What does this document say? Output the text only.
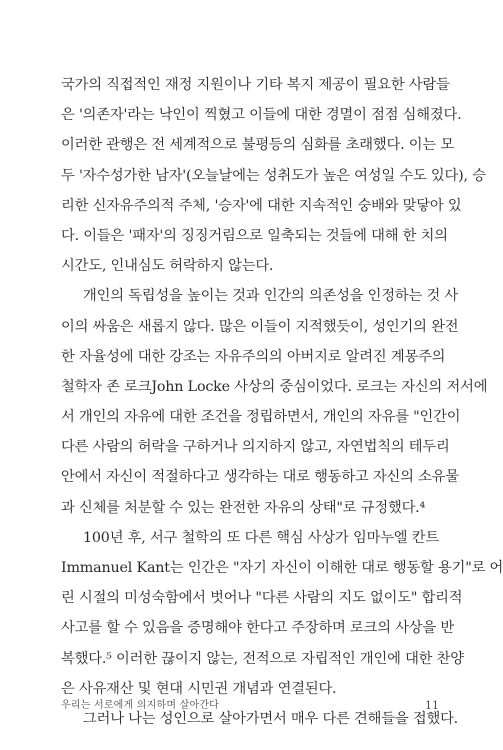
국가의 직접적인 재정 지원이나 기타 복지 제공이 필요한 사람들
은 '의존자'라는 낙인이 찍혔고 이들에 대한 경멸이 점점 심해졌다.
이러한 관행은 전 세계적으로 불평등의 심화를 초래했다. 이는 모
두 '자수성가한 남자'(오늘날에는 성취도가 높은 여성일 수도 있다), 승
리한 신자유주의적 주체, '승자'에 대한 지속적인 숭배와 맞닿아 있
다. 이들은 '패자'의 징징거림으로 일축되는 것들에 대해 한 치의
시간도, 인내심도 허락하지 않는다.
개인의 독립성을 높이는 것과 인간의 의존성을 인정하는 것 사
이의 싸움은 새롭지 않다. 많은 이들이 지적했듯이, 성인기의 완전
한 자율성에 대한 강조는 자유주의의 아버지로 알려진 계몽주의
철학자 존 로크John Locke 사상의 중심이었다. 로크는 자신의 저서에
서 개인의 자유에 대한 조건을 정립하면서, 개인의 자유를 "인간이
다른 사람의 허락을 구하거나 의지하지 않고, 자연법칙의 테두리
안에서 자신이 적절하다고 생각하는 대로 행동하고 자신의 소유물
과 신체를 처분할 수 있는 완전한 자유의 상태"로 규정했다.⁴
100년 후, 서구 철학의 또 다른 핵심 사상가 임마누엘 칸트
Immanuel Kant는 인간은 "자기 자신이 이해한 대로 행동할 용기"로 어
린 시절의 미성숙함에서 벗어나 "다른 사람의 지도 없이도" 합리적
사고를 할 수 있음을 증명해야 한다고 주장하며 로크의 사상을 반
복했다.⁵ 이러한 끊이지 않는, 전적으로 자립적인 개인에 대한 찬양
은 사유재산 및 현대 시민권 개념과 연결된다.
그러나 나는 성인으로 살아가면서 매우 다른 견해들을 접했다.
우리는 서로에게 의지하며 살아간다	11
